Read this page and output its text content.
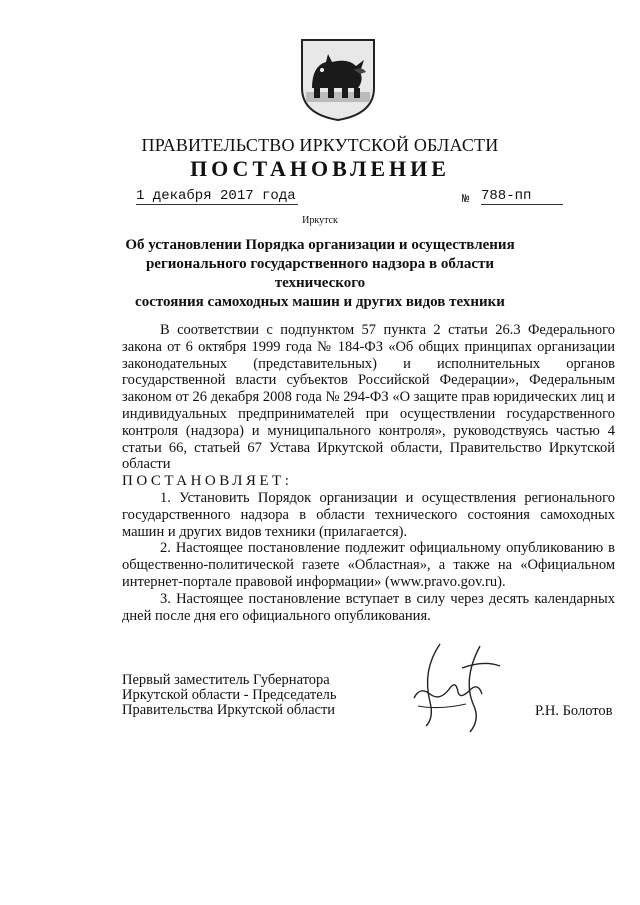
ПРАВИТЕЛЬСТВО ИРКУТСКОЙ ОБЛАСТИ
ПОСТАНОВЛЕНИЕ
1 декабря 2017 года	№ 788-пп
Иркутск
Об установлении Порядка организации и осуществления
регионального государственного надзора в области технического
состояния самоходных машин и других видов техники

В соответствии с подпунктом 57 пункта 2 статьи 26.3 Федерального закона от 6 октября 1999 года № 184-ФЗ «Об общих принципах организации законодательных (представительных) и исполнительных органов государственной власти субъектов Российской Федерации», Федеральным законом от 26 декабря 2008 года № 294-ФЗ «О защите прав юридических лиц и индивидуальных предпринимателей при осуществлении государственного контроля (надзора) и муниципального контроля», руководствуясь частью 4 статьи 66, статьей 67 Устава Иркутской области, Правительство Иркутской области

ПОСТАНОВЛЯЕТ:

1. Установить Порядок организации и осуществления регионального государственного надзора в области технического состояния самоходных машин и других видов техники (прилагается).

2. Настоящее постановление подлежит официальному опубликованию в общественно-политической газете «Областная», а также на «Официальном интернет-портале правовой информации» (www.pravo.gov.ru).

3. Настоящее постановление вступает в силу через десять календарных дней после дня его официального опубликования.

Первый заместитель Губернатора
Иркутской области - Председатель
Правительства Иркутской области	Р.Н. Болотов
